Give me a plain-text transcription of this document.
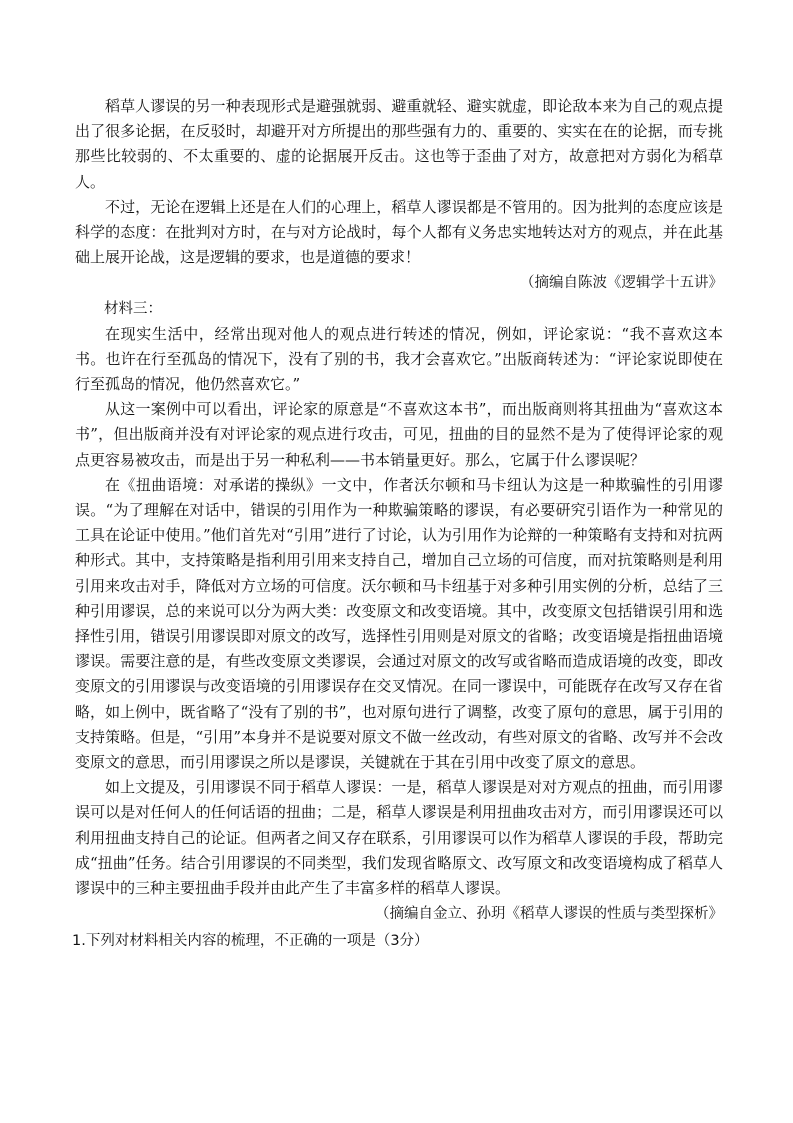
稻草人谬误的另一种表现形式是避强就弱、避重就轻、避实就虚，即论敌本来为自己的观点提出了很多论据，在反驳时，却避开对方所提出的那些强有力的、重要的、实实在在的论据，而专挑那些比较弱的、不太重要的、虚的论据展开反击。这也等于歪曲了对方，故意把对方弱化为稻草人。

不过，无论在逻辑上还是在人们的心理上，稻草人谬误都是不管用的。因为批判的态度应该是科学的态度：在批判对方时，在与对方论战时，每个人都有义务忠实地转达对方的观点，并在此基础上展开论战，这是逻辑的要求，也是道德的要求！

（摘编自陈波《逻辑学十五讲》

材料三：

在现实生活中，经常出现对他人的观点进行转述的情况，例如，评论家说：“我不喜欢这本书。也许在行至孤岛的情况下，没有了别的书，我才会喜欢它。”出版商转述为：“评论家说即使在行至孤岛的情况，他仍然喜欢它。”

从这一案例中可以看出，评论家的原意是“不喜欢这本书”，而出版商则将其扭曲为“喜欢这本书”，但出版商并没有对评论家的观点进行攻击，可见，扭曲的目的显然不是为了使得评论家的观点更容易被攻击，而是出于另一种私利——书本销量更好。那么，它属于什么谬误呢？

在《扭曲语境：对承诺的操纵》一文中，作者沃尔顿和马卡纽认为这是一种欺骗性的引用谬误。“为了理解在对话中，错误的引用作为一种欺骗策略的谬误，有必要研究引语作为一种常见的工具在论证中使用。”他们首先对“引用”进行了讨论，认为引用作为论辩的一种策略有支持和对抗两种形式。其中，支持策略是指利用引用来支持自己，增加自己立场的可信度，而对抗策略则是利用引用来攻击对手，降低对方立场的可信度。沃尔顿和马卡纽基于对多种引用实例的分析，总结了三种引用谬误，总的来说可以分为两大类：改变原文和改变语境。其中，改变原文包括错误引用和选择性引用，错误引用谬误即对原文的改写，选择性引用则是对原文的省略；改变语境是指扭曲语境谬误。需要注意的是，有些改变原文类谬误，会通过对原文的改写或省略而造成语境的改变，即改变原文的引用谬误与改变语境的引用谬误存在交叉情况。在同一谬误中，可能既存在改写又存在省略，如上例中，既省略了“没有了别的书”，也对原句进行了调整，改变了原句的意思，属于引用的支持策略。但是，“引用”本身并不是说要对原文不做一丝改动，有些对原文的省略、改写并不会改变原文的意思，而引用谬误之所以是谬误，关键就在于其在引用中改变了原文的意思。

如上文提及，引用谬误不同于稻草人谬误：一是，稻草人谬误是对对方观点的扭曲，而引用谬误可以是对任何人的任何话语的扭曲；二是，稻草人谬误是利用扭曲攻击对方，而引用谬误还可以利用扭曲支持自己的论证。但两者之间又存在联系，引用谬误可以作为稻草人谬误的手段，帮助完成“扭曲”任务。结合引用谬误的不同类型，我们发现省略原文、改写原文和改变语境构成了稻草人谬误中的三种主要扭曲手段并由此产生了丰富多样的稻草人谬误。

（摘编自金立、孙玥《稻草人谬误的性质与类型探析》

1.下列对材料相关内容的梳理，不正确的一项是（3分）
